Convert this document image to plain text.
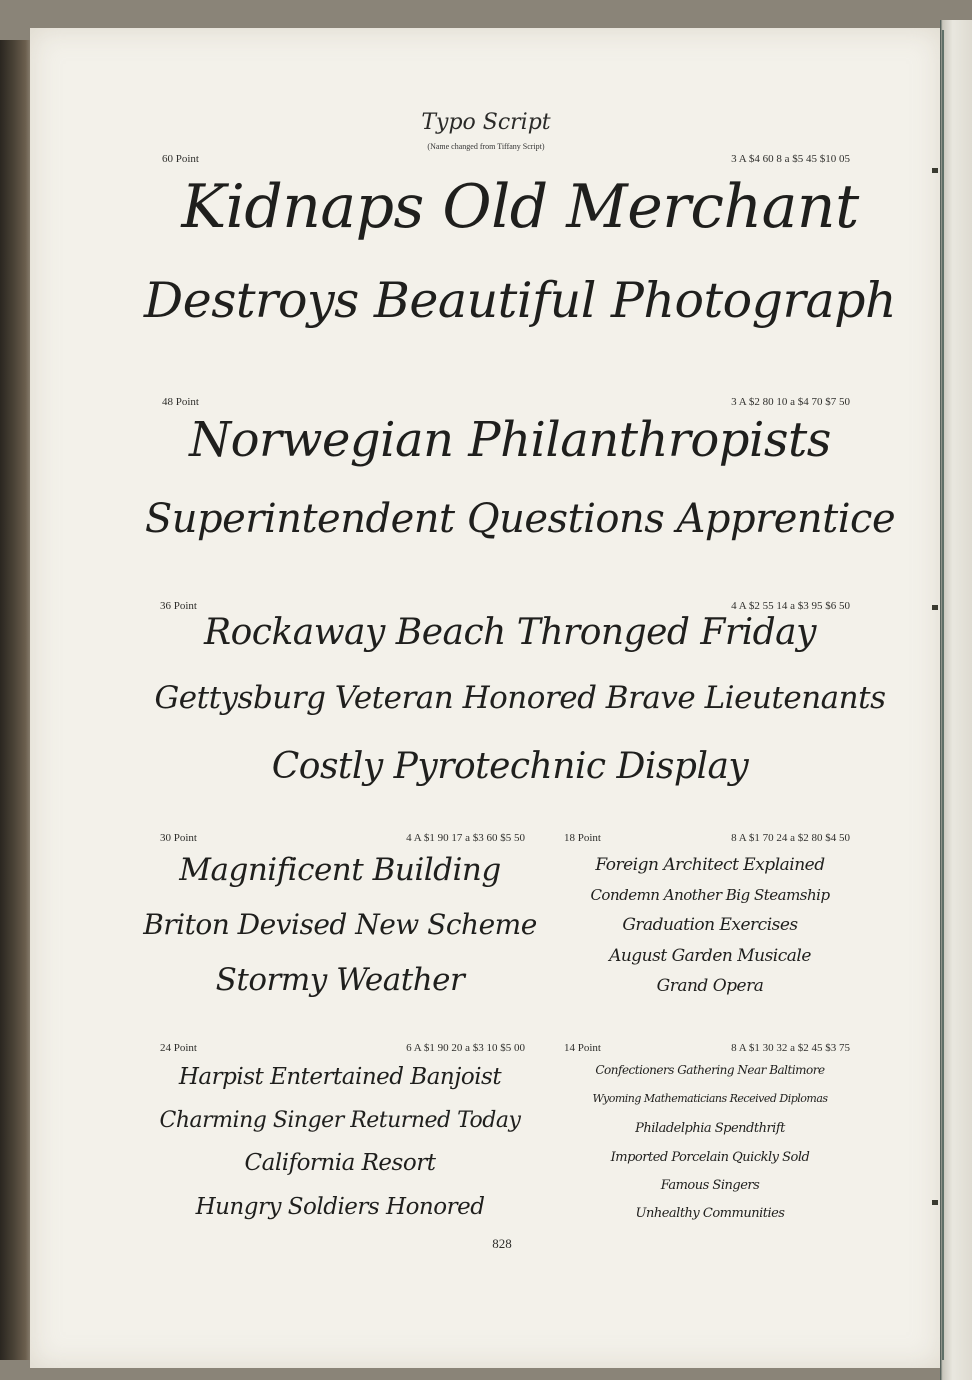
Typo Script
(Name changed from Tiffany Script)
60 Point	3 A $4 60 8 a $5 45 $10 05
Kidnaps Old Merchant
Destroys Beautiful Photograph
48 Point	3 A $2 80 10 a $4 70 $7 50
Norwegian Philanthropists
Superintendent Questions Apprentice
36 Point	4 A $2 55 14 a $3 95 $6 50
Rockaway Beach Thronged Friday
Gettysburg Veteran Honored Brave Lieutenants
Costly Pyrotechnic Display
30 Point	4 A $1 90 17 a $3 60 $5 50
Magnificent Building
Briton Devised New Scheme
Stormy Weather
18 Point	8 A $1 70 24 a $2 80 $4 50
Foreign Architect Explained
Condemn Another Big Steamship
Graduation Exercises
August Garden Musicale
Grand Opera
24 Point	6 A $1 90 20 a $3 10 $5 00
Harpist Entertained Banjoist
Charming Singer Returned Today
California Resort
Hungry Soldiers Honored
14 Point	8 A $1 30 32 a $2 45 $3 75
Confectioners Gathering Near Baltimore
Wyoming Mathematicians Received Diplomas
Philadelphia Spendthrift
Imported Porcelain Quickly Sold
Famous Singers
Unhealthy Communities
828
